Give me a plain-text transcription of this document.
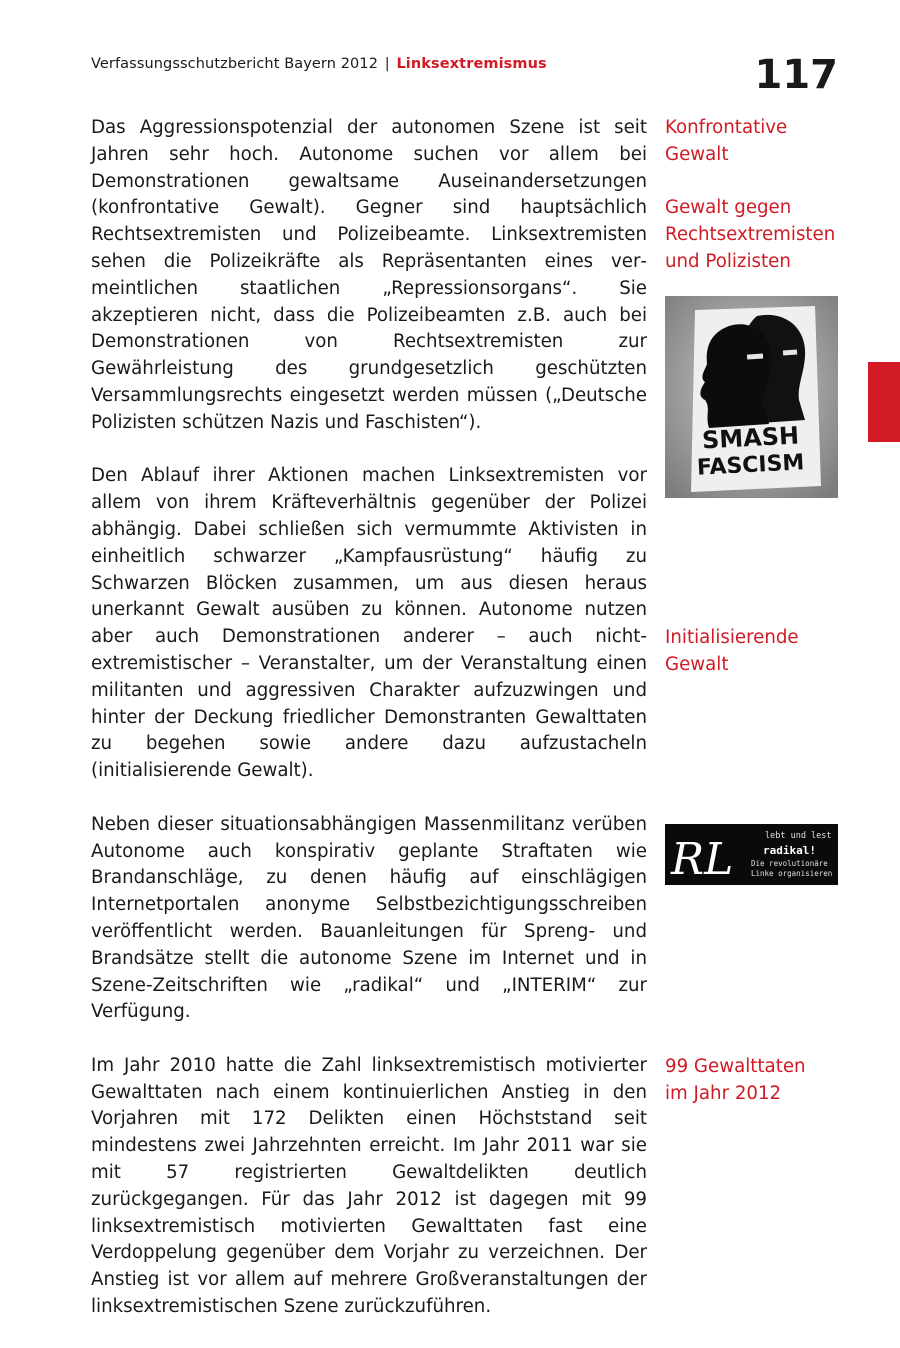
Verfassungsschutzbericht Bayern 2012 | Linksextremismus	117

Das Aggressionspotenzial der autonomen Szene ist seit Jahren sehr hoch. Autonome suchen vor allem bei Demonstrationen gewaltsame Auseinandersetzungen (konfrontative Gewalt). Gegner sind hauptsächlich Rechtsextremisten und Polizeibeamte. Linksextremisten sehen die Polizeikräfte als Repräsentanten eines vermeintlichen staatlichen „Repressionsorgans“. Sie akzeptieren nicht, dass die Polizeibeamten z.B. auch bei Demonstrationen von Rechtsextremisten zur Gewährleistung des grundgesetzlich geschützten Versammlungsrechts eingesetzt werden müssen („Deutsche Polizisten schützen Nazis und Faschisten“).

Den Ablauf ihrer Aktionen machen Linksextremisten vor allem von ihrem Kräfteverhältnis gegenüber der Polizei abhängig. Dabei schließen sich vermummte Aktivisten in einheitlich schwarzer „Kampfausrüstung“ häufig zu Schwarzen Blöcken zusammen, um aus diesen heraus unerkannt Gewalt ausüben zu können. Autonome nutzen aber auch Demonstrationen anderer – auch nicht-extremistischer – Veranstalter, um der Veranstaltung einen militanten und aggressiven Charakter aufzuzwingen und hinter der Deckung friedlicher Demonstranten Gewalttaten zu begehen sowie andere dazu aufzustacheln (initialisierende Gewalt).

Neben dieser situationsabhängigen Massenmilitanz verüben Autonome auch konspirativ geplante Straftaten wie Brandanschläge, zu denen häufig auf einschlägigen Internetportalen anonyme Selbstbezichtigungsschreiben veröffentlicht werden. Bauanleitungen für Spreng- und Brandsätze stellt die autonome Szene im Internet und in Szene-Zeitschriften wie „radikal“ und „INTERIM“ zur Verfügung.

Im Jahr 2010 hatte die Zahl linksextremistisch motivierter Gewalttaten nach einem kontinuierlichen Anstieg in den Vorjahren mit 172 Delikten einen Höchststand seit mindestens zwei Jahrzehnten erreicht. Im Jahr 2011 war sie mit 57 registrierten Gewaltdelikten deutlich zurückgegangen. Für das Jahr 2012 ist dagegen mit 99 linksextremistisch motivierten Gewalttaten fast eine Verdoppelung gegenüber dem Vorjahr zu verzeichnen. Der Anstieg ist vor allem auf mehrere Großveranstaltungen der linksextremistischen Szene zurückzuführen.

Konfrontative Gewalt
Gewalt gegen Rechtsextremisten und Polizisten
SMASH
FASCISM
Initialisierende Gewalt
RL	lebt und lest
radikal!
Die revolutionäre
Linke organisieren
99 Gewalttaten im Jahr 2012
